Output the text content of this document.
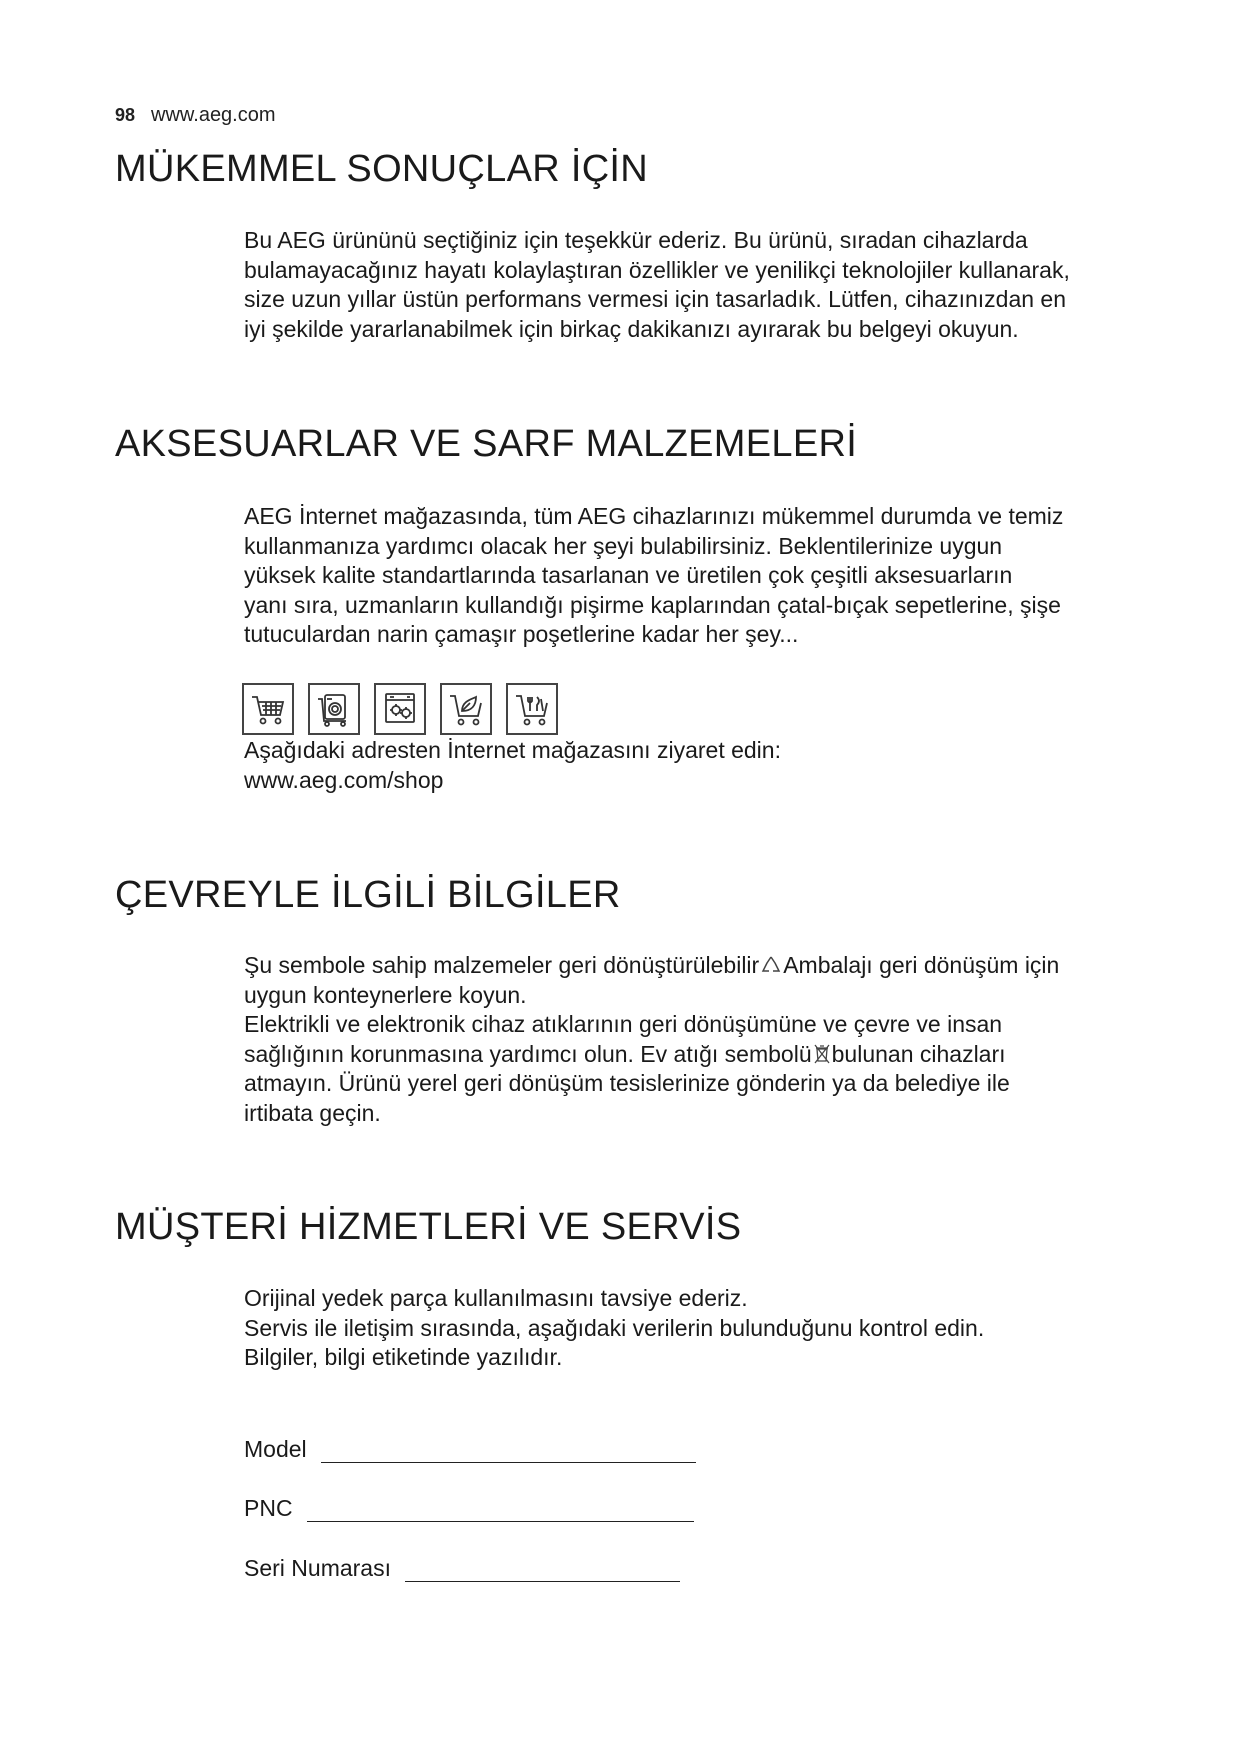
98 www.aeg.com
MÜKEMMEL SONUÇLAR İÇİN

Bu AEG ürününü seçtiğiniz için teşekkür ederiz. Bu ürünü, sıradan cihazlarda
bulamayacağınız hayatı kolaylaştıran özellikler ve yenilikçi teknolojiler kullanarak,
size uzun yıllar üstün performans vermesi için tasarladık. Lütfen, cihazınızdan en
iyi şekilde yararlanabilmek için birkaç dakikanızı ayırarak bu belgeyi okuyun.

AKSESUARLAR VE SARF MALZEMELERİ

AEG İnternet mağazasında, tüm AEG cihazlarınızı mükemmel durumda ve temiz
kullanmanıza yardımcı olacak her şeyi bulabilirsiniz. Beklentilerinize uygun
yüksek kalite standartlarında tasarlanan ve üretilen çok çeşitli aksesuarların
yanı sıra, uzmanların kullandığı pişirme kaplarından çatal-bıçak sepetlerine, şişe
tutuculardan narin çamaşır poşetlerine kadar her şey...

Aşağıdaki adresten İnternet mağazasını ziyaret edin:
www.aeg.com/shop

ÇEVREYLE İLGİLİ BİLGİLER

Şu sembole sahip malzemeler geri dönüştürülebilir Ambalajı geri dönüşüm için
uygun konteynerlere koyun.
Elektrikli ve elektronik cihaz atıklarının geri dönüşümüne ve çevre ve insan
sağlığının korunmasına yardımcı olun. Ev atığı sembolü bulunan cihazları
atmayın. Ürünü yerel geri dönüşüm tesislerinize gönderin ya da belediye ile
irtibata geçin.

MÜŞTERİ HİZMETLERİ VE SERVİS

Orijinal yedek parça kullanılmasını tavsiye ederiz.
Servis ile iletişim sırasında, aşağıdaki verilerin bulunduğunu kontrol edin.
Bilgiler, bilgi etiketinde yazılıdır.

Model
PNC
Seri Numarası
